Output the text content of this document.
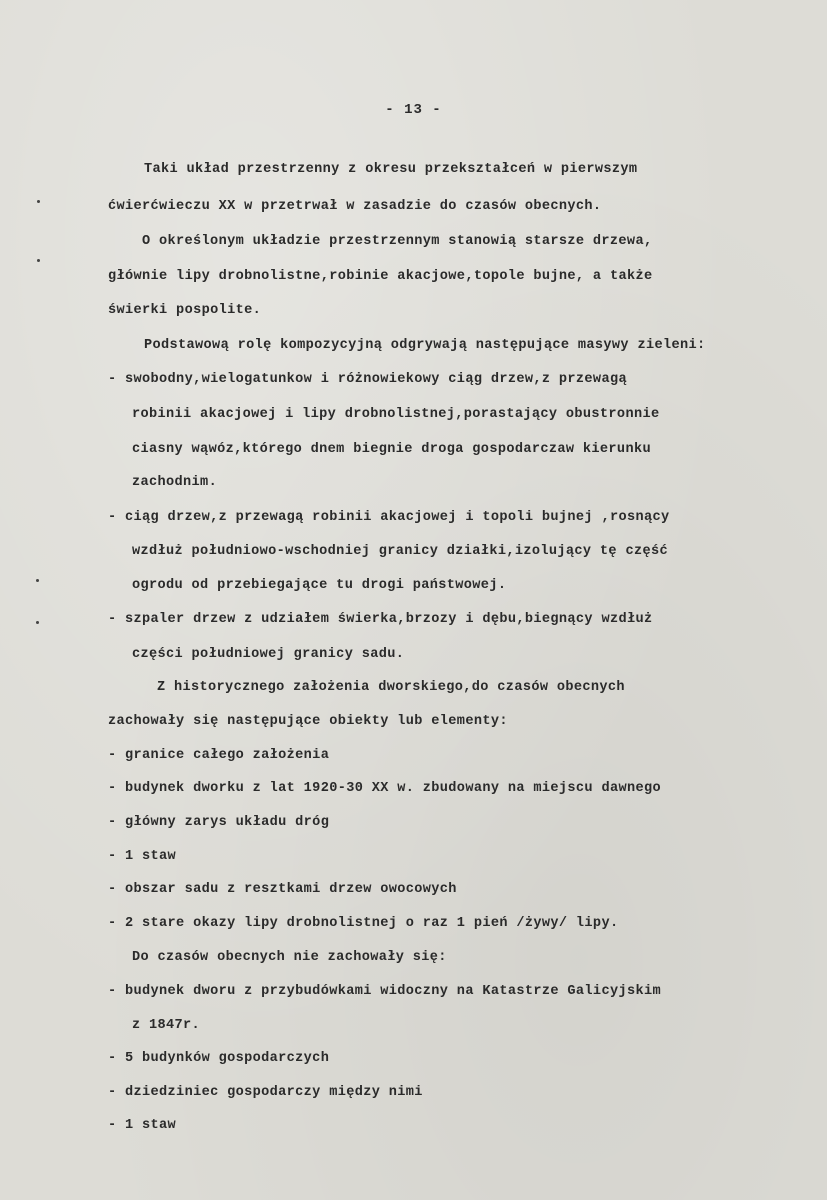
- 13 -
Taki układ przestrzenny z okresu przekształceń w pierwszym
ćwierćwieczu XX w przetrwał w zasadzie do czasów obecnych.
O określonym układzie przestrzennym stanowią starsze drzewa,
głównie lipy drobnolistne,robinie akacjowe,topole bujne, a także
świerki pospolite.
Podstawową rolę kompozycyjną odgrywają następujące masywy zieleni:
- swobodny,wielogatunkow i różnowiekowy ciąg drzew,z przewagą
robinii akacjowej i lipy drobnolistnej,porastający obustronnie
ciasny wąwóz,którego dnem biegnie droga gospodarczaw kierunku
zachodnim.
- ciąg drzew,z przewagą robinii akacjowej i topoli bujnej ,rosnący
wzdłuż południowo-wschodniej granicy działki,izolujący tę część
ogrodu od przebiegające tu drogi państwowej.
- szpaler drzew z udziałem świerka,brzozy i dębu,biegnący wzdłuż
części południowej granicy sadu.
Z historycznego założenia dworskiego,do czasów obecnych
zachowały się następujące obiekty lub elementy:
- granice całego założenia
- budynek dworku z lat 1920-30 XX w. zbudowany na miejscu dawnego
- główny zarys układu dróg
- 1 staw
- obszar sadu z resztkami drzew owocowych
- 2 stare okazy lipy drobnolistnej o raz 1 pień /żywy/ lipy.
Do czasów obecnych nie zachowały się:
- budynek dworu z przybudówkami widoczny na Katastrze Galicyjskim
z 1847r.
- 5 budynków gospodarczych
- dziedziniec gospodarczy między nimi
- 1 staw
